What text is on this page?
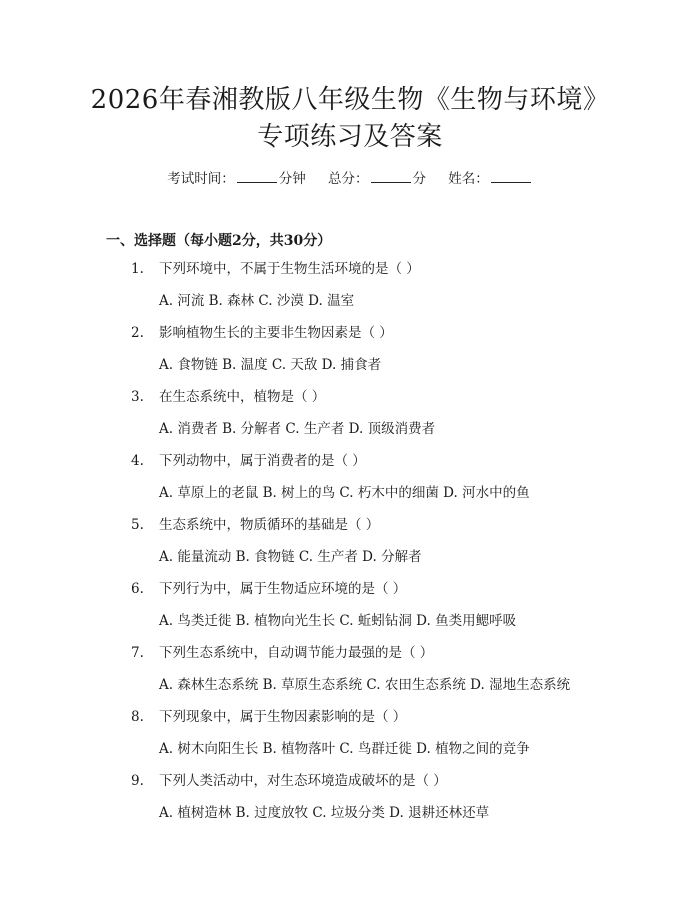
2026年春湘教版八年级生物《生物与环境》
专项练习及答案
考试时间：	分钟 总分：	分 姓名：
一、选择题（每小题2分，共30分）
1. 下列环境中，不属于生物生活环境的是（ ）
A. 河流 B. 森林 C. 沙漠 D. 温室
2. 影响植物生长的主要非生物因素是（ ）
A. 食物链 B. 温度 C. 天敌 D. 捕食者
3. 在生态系统中，植物是（ ）
A. 消费者 B. 分解者 C. 生产者 D. 顶级消费者
4. 下列动物中，属于消费者的是（ ）
A. 草原上的老鼠 B. 树上的鸟 C. 朽木中的细菌 D. 河水中的鱼
5. 生态系统中，物质循环的基础是（ ）
A. 能量流动 B. 食物链 C. 生产者 D. 分解者
6. 下列行为中，属于生物适应环境的是（ ）
A. 鸟类迁徙 B. 植物向光生长 C. 蚯蚓钻洞 D. 鱼类用鳃呼吸
7. 下列生态系统中，自动调节能力最强的是（ ）
A. 森林生态系统 B. 草原生态系统 C. 农田生态系统 D. 湿地生态系统
8. 下列现象中，属于生物因素影响的是（ ）
A. 树木向阳生长 B. 植物落叶 C. 鸟群迁徙 D. 植物之间的竞争
9. 下列人类活动中，对生态环境造成破坏的是（ ）
A. 植树造林 B. 过度放牧 C. 垃圾分类 D. 退耕还林还草
